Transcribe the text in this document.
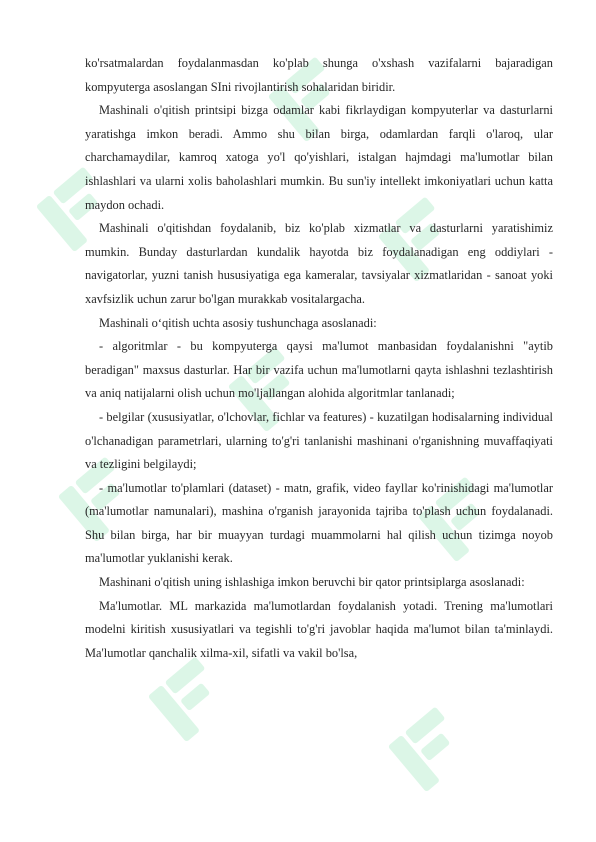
ko'rsatmalardan foydalanmasdan ko'plab shunga o'xshash vazifalarni bajaradigan kompyuterga asoslangan SIni rivojlantirish sohalaridan biridir.

Mashinali o'qitish printsipi bizga odamlar kabi fikrlaydigan kompyuterlar va dasturlarni yaratishga imkon beradi. Ammo shu bilan birga, odamlardan farqli o'laroq, ular charchamaydilar, kamroq xatoga yo'l qo'yishlari, istalgan hajmdagi ma'lumotlar bilan ishlashlari va ularni xolis baholashlari mumkin. Bu sun'iy intellekt imkoniyatlari uchun katta maydon ochadi.

Mashinali o'qitishdan foydalanib, biz ko'plab xizmatlar va dasturlarni yaratishimiz mumkin. Bunday dasturlardan kundalik hayotda biz foydalanadigan eng oddiylari - navigatorlar, yuzni tanish hususiyatiga ega kameralar, tavsiyalar xizmatlaridan - sanoat yoki xavfsizlik uchun zarur bo'lgan murakkab vositalargacha.

Mashinali o‘qitish uchta asosiy tushunchaga asoslanadi:

- algoritmlar - bu kompyuterga qaysi ma'lumot manbasidan foydalanishni "aytib beradigan" maxsus dasturlar. Har bir vazifa uchun ma'lumotlarni qayta ishlashni tezlashtirish va aniq natijalarni olish uchun mo'ljallangan alohida algoritmlar tanlanadi;

- belgilar (xususiyatlar, o'lchovlar, fichlar va features) - kuzatilgan hodisalarning individual o'lchanadigan parametrlari, ularning to'g'ri tanlanishi mashinani o'rganishning muvaffaqiyati va tezligini belgilaydi;

- ma'lumotlar to'plamlari (dataset) - matn, grafik, video fayllar ko'rinishidagi ma'lumotlar (ma'lumotlar namunalari), mashina o'rganish jarayonida tajriba to'plash uchun foydalanadi. Shu bilan birga, har bir muayyan turdagi muammolarni hal qilish uchun tizimga noyob ma'lumotlar yuklanishi kerak.

Mashinani o'qitish uning ishlashiga imkon beruvchi bir qator printsiplarga asoslanadi:

Ma'lumotlar. ML markazida ma'lumotlardan foydalanish yotadi. Trening ma'lumotlari modelni kiritish xususiyatlari va tegishli to'g'ri javoblar haqida ma'lumot bilan ta'minlaydi. Ma'lumotlar qanchalik xilma-xil, sifatli va vakil bo'lsa,
